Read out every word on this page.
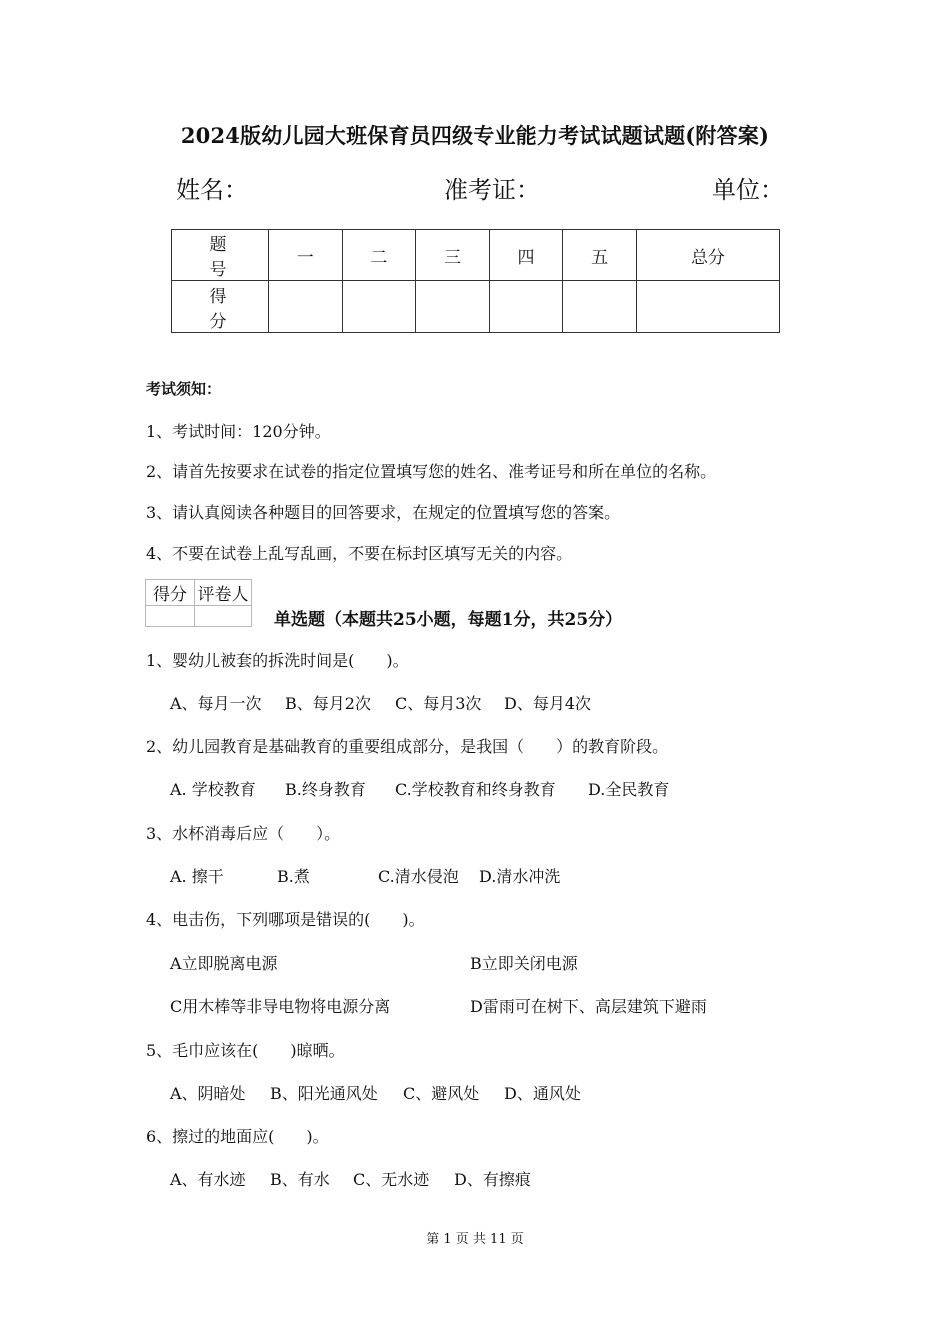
2024版幼儿园大班保育员四级专业能力考试试题试题(附答案)
姓名：	准考证：	单位：
题　号	一	二	三	四	五	总分
得　分						
考试须知：
1、考试时间：120分钟。
2、请首先按要求在试卷的指定位置填写您的姓名、准考证号和所在单位的名称。
3、请认真阅读各种题目的回答要求，在规定的位置填写您的答案。
4、不要在试卷上乱写乱画，不要在标封区填写无关的内容。
得分	评卷人

单选题（本题共25小题，每题1分，共25分）
1、婴幼儿被套的拆洗时间是(　　)。
A、每月一次 B、每月2次 C、每月3次 D、每月4次
2、幼儿园教育是基础教育的重要组成部分，是我国（　　）的教育阶段。
A. 学校教育 B.终身教育 C.学校教育和终身教育 D.全民教育
3、水杯消毒后应（　　）。
A. 擦干	B.煮	C.清水侵泡 D.清水冲洗
4、电击伤，下列哪项是错误的(　　)。
A立即脱离电源	B立即关闭电源
C用木棒等非导电物将电源分离	D雷雨可在树下、高层建筑下避雨
5、毛巾应该在(　　)晾晒。
A、阴暗处 B、阳光通风处 C、避风处 D、通风处
6、擦过的地面应(　　)。
A、有水迹 B、有水 C、无水迹 D、有擦痕
第 1 页 共 11 页
